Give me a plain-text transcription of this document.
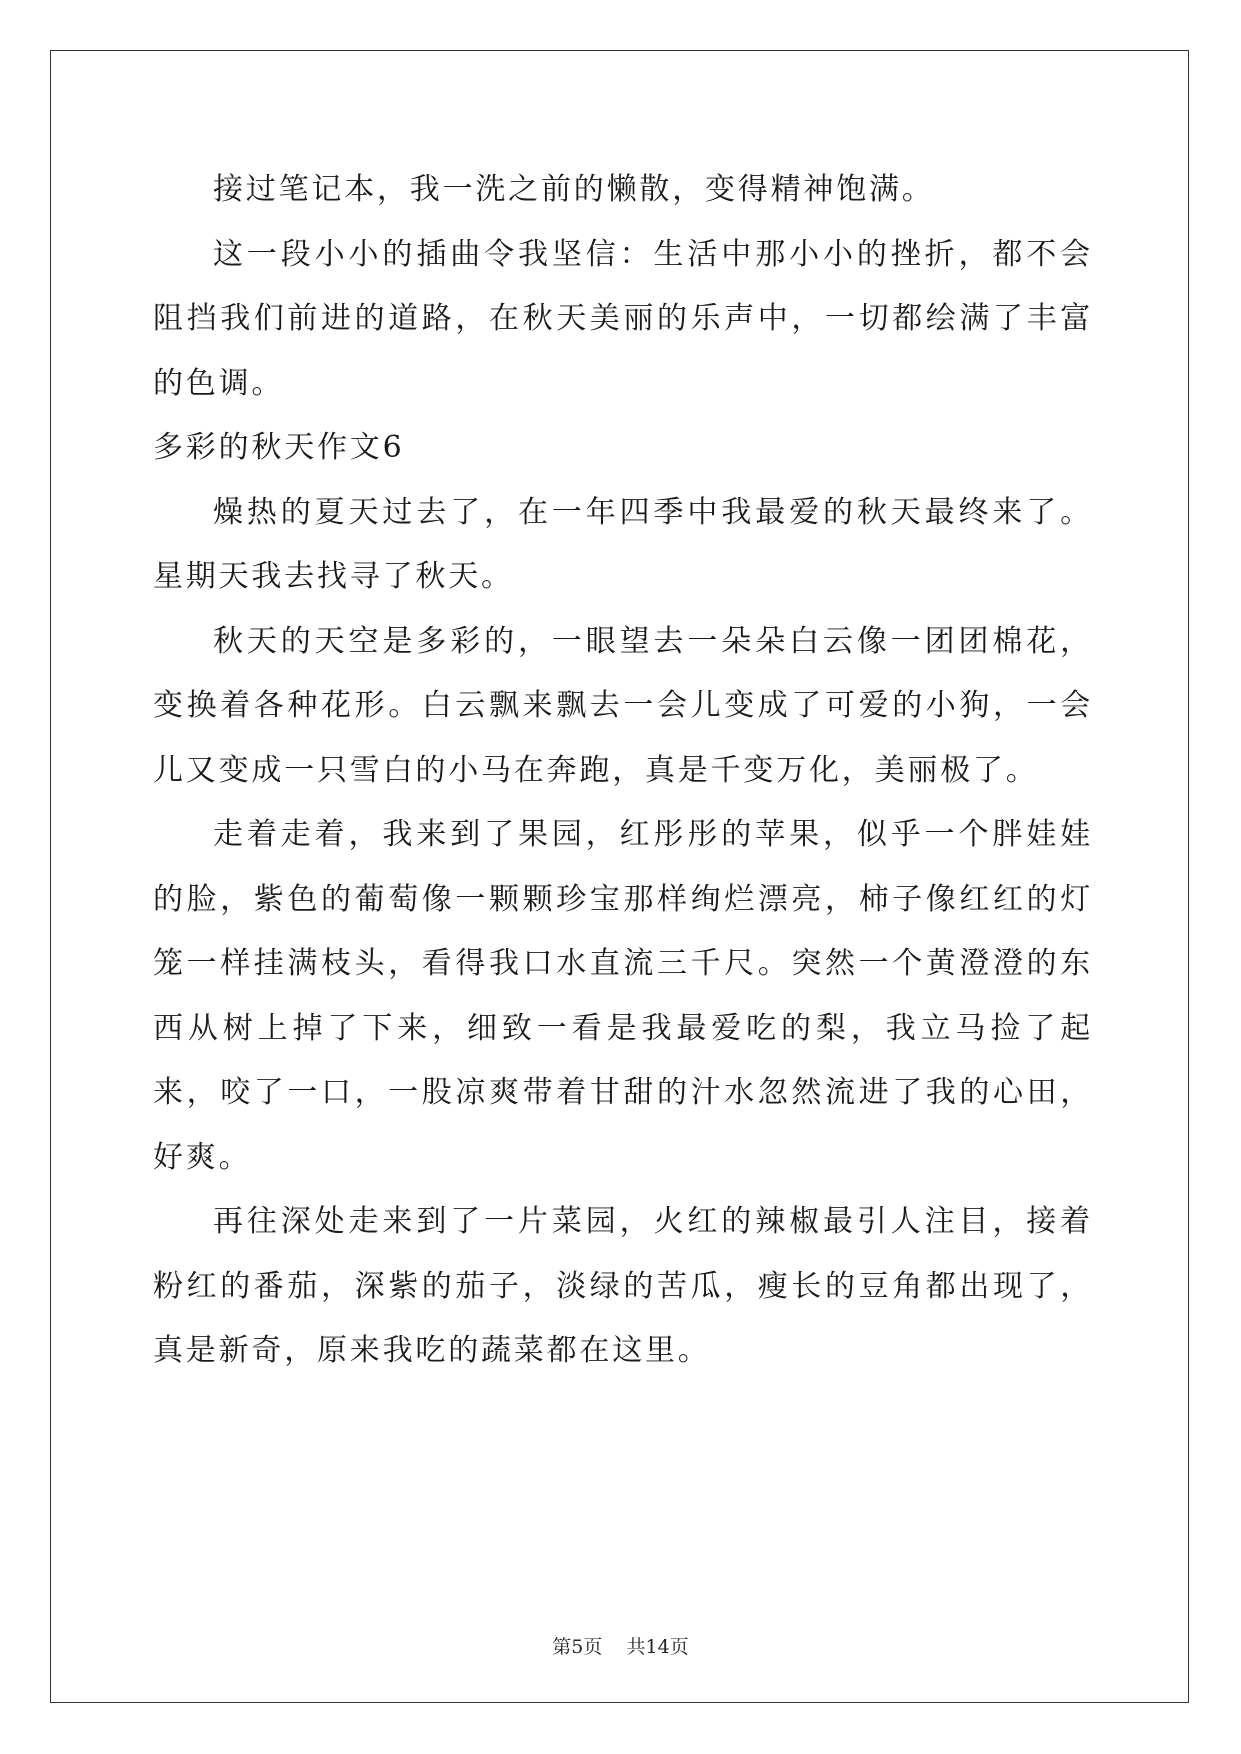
接过笔记本，我一洗之前的懒散，变得精神饱满。

这一段小小的插曲令我坚信：生活中那小小的挫折，都不会阻挡我们前进的道路，在秋天美丽的乐声中，一切都绘满了丰富的色调。

多彩的秋天作文6

燥热的夏天过去了，在一年四季中我最爱的秋天最终来了。星期天我去找寻了秋天。

秋天的天空是多彩的，一眼望去一朵朵白云像一团团棉花，变换着各种花形。白云飘来飘去一会儿变成了可爱的小狗，一会儿又变成一只雪白的小马在奔跑，真是千变万化，美丽极了。

走着走着，我来到了果园，红彤彤的苹果，似乎一个胖娃娃的脸，紫色的葡萄像一颗颗珍宝那样绚烂漂亮，柿子像红红的灯笼一样挂满枝头，看得我口水直流三千尺。突然一个黄澄澄的东西从树上掉了下来，细致一看是我最爱吃的梨，我立马捡了起来，咬了一口，一股凉爽带着甘甜的汁水忽然流进了我的心田，好爽。

再往深处走来到了一片菜园，火红的辣椒最引人注目，接着粉红的番茄，深紫的茄子，淡绿的苦瓜，瘦长的豆角都出现了，真是新奇，原来我吃的蔬菜都在这里。

第5页 共14页
